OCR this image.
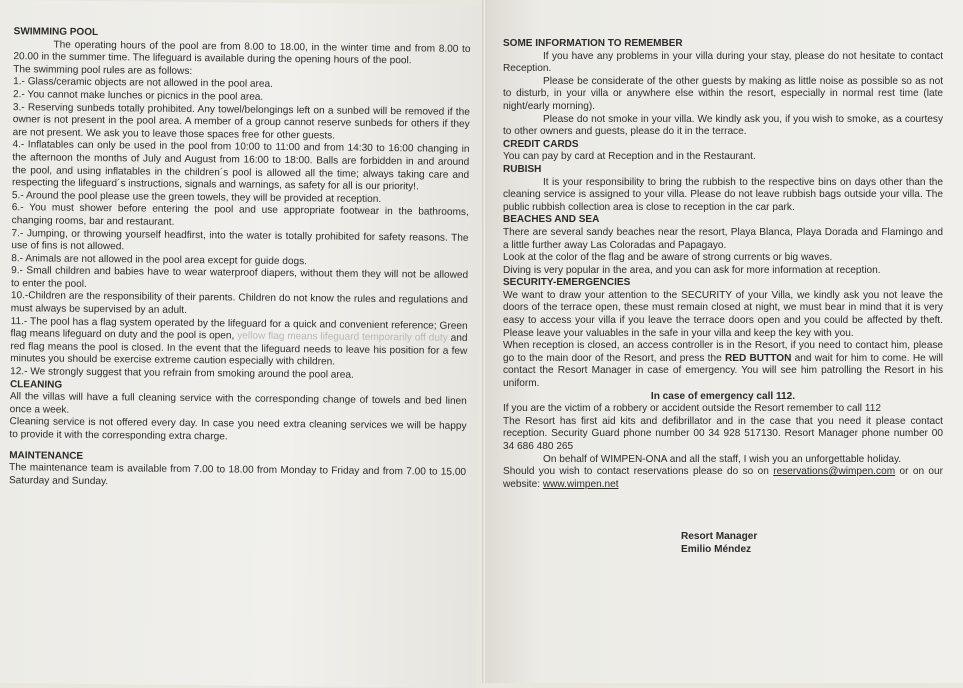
SWIMMING POOL

The operating hours of the pool are from 8.00 to 18.00, in the winter time and from 8.00 to 20.00 in the summer time. The lifeguard is available during the opening hours of the pool.

The swimming pool rules are as follows:

1.- Glass/ceramic objects are not allowed in the pool area.

2.- You cannot make lunches or picnics in the pool area.

3.- Reserving sunbeds totally prohibited. Any towel/belongings left on a sunbed will be removed if the owner is not present in the pool area. A member of a group cannot reserve sunbeds for others if they are not present. We ask you to leave those spaces free for other guests.

4.- Inflatables can only be used in the pool from 10:00 to 11:00 and from 14:30 to 16:00 changing in the afternoon the months of July and August from 16:00 to 18:00. Balls are forbidden in and around the pool, and using inflatables in the children´s pool is allowed all the time; always taking care and respecting the lifeguard´s instructions, signals and warnings, as safety for all is our priority!.

5.- Around the pool please use the green towels, they will be provided at reception.

6.- You must shower before entering the pool and use appropriate footwear in the bathrooms, changing rooms, bar and restaurant.

7.- Jumping, or throwing yourself headfirst, into the water is totally prohibited for safety reasons. The use of fins is not allowed.

8.- Animals are not allowed in the pool area except for guide dogs.

9.- Small children and babies have to wear waterproof diapers, without them they will not be allowed to enter the pool.

10.-Children are the responsibility of their parents. Children do not know the rules and regulations and must always be supervised by an adult.

11.- The pool has a flag system operated by the lifeguard for a quick and convenient reference; Green flag means lifeguard on duty and the pool is open, yellow flag means lifeguard temporarily off duty and red flag means the pool is closed. In the event that the lifeguard needs to leave his position for a few minutes you should be exercise extreme caution especially with children.

12.- We strongly suggest that you refrain from smoking around the pool area.

CLEANING

All the villas will have a full cleaning service with the corresponding change of towels and bed linen once a week.

Cleaning service is not offered every day. In case you need extra cleaning services we will be happy to provide it with the corresponding extra charge.

MAINTENANCE

The maintenance team is available from 7.00 to 18.00 from Monday to Friday and from 7.00 to 15.00 Saturday and Sunday.

SOME INFORMATION TO REMEMBER

If you have any problems in your villa during your stay, please do not hesitate to contact Reception.

Please be considerate of the other guests by making as little noise as possible so as not to disturb, in your villa or anywhere else within the resort, especially in normal rest time (late night/early morning).

Please do not smoke in your villa. We kindly ask you, if you wish to smoke, as a courtesy to other owners and guests, please do it in the terrace.

CREDIT CARDS

You can pay by card at Reception and in the Restaurant.

RUBISH

It is your responsibility to bring the rubbish to the respective bins on days other than the cleaning service is assigned to your villa. Please do not leave rubbish bags outside your villa. The public rubbish collection area is close to reception in the car park.

BEACHES AND SEA

There are several sandy beaches near the resort, Playa Blanca, Playa Dorada and Flamingo and a little further away Las Coloradas and Papagayo.

Look at the color of the flag and be aware of strong currents or big waves.

Diving is very popular in the area, and you can ask for more information at reception.

SECURITY-EMERGENCIES

We want to draw your attention to the SECURITY of your Villa, we kindly ask you not leave the doors of the terrace open, these must remain closed at night, we must bear in mind that it is very easy to access your villa if you leave the terrace doors open and you could be affected by theft. Please leave your valuables in the safe in your villa and keep the key with you.

When reception is closed, an access controller is in the Resort, if you need to contact him, please go to the main door of the Resort, and press the RED BUTTON and wait for him to come. He will contact the Resort Manager in case of emergency. You will see him patrolling the Resort in his uniform.

In case of emergency call 112.

If you are the victim of a robbery or accident outside the Resort remember to call 112

The Resort has first aid kits and defibrillator and in the case that you need it please contact reception. Security Guard phone number 00 34 928 517130. Resort Manager phone number 00 34 686 480 265

On behalf of WIMPEN-ONA and all the staff, I wish you an unforgettable holiday.

Should you wish to contact reservations please do so on reservations@wimpen.com or on our website: www.wimpen.net

Resort Manager
Emilio Méndez
